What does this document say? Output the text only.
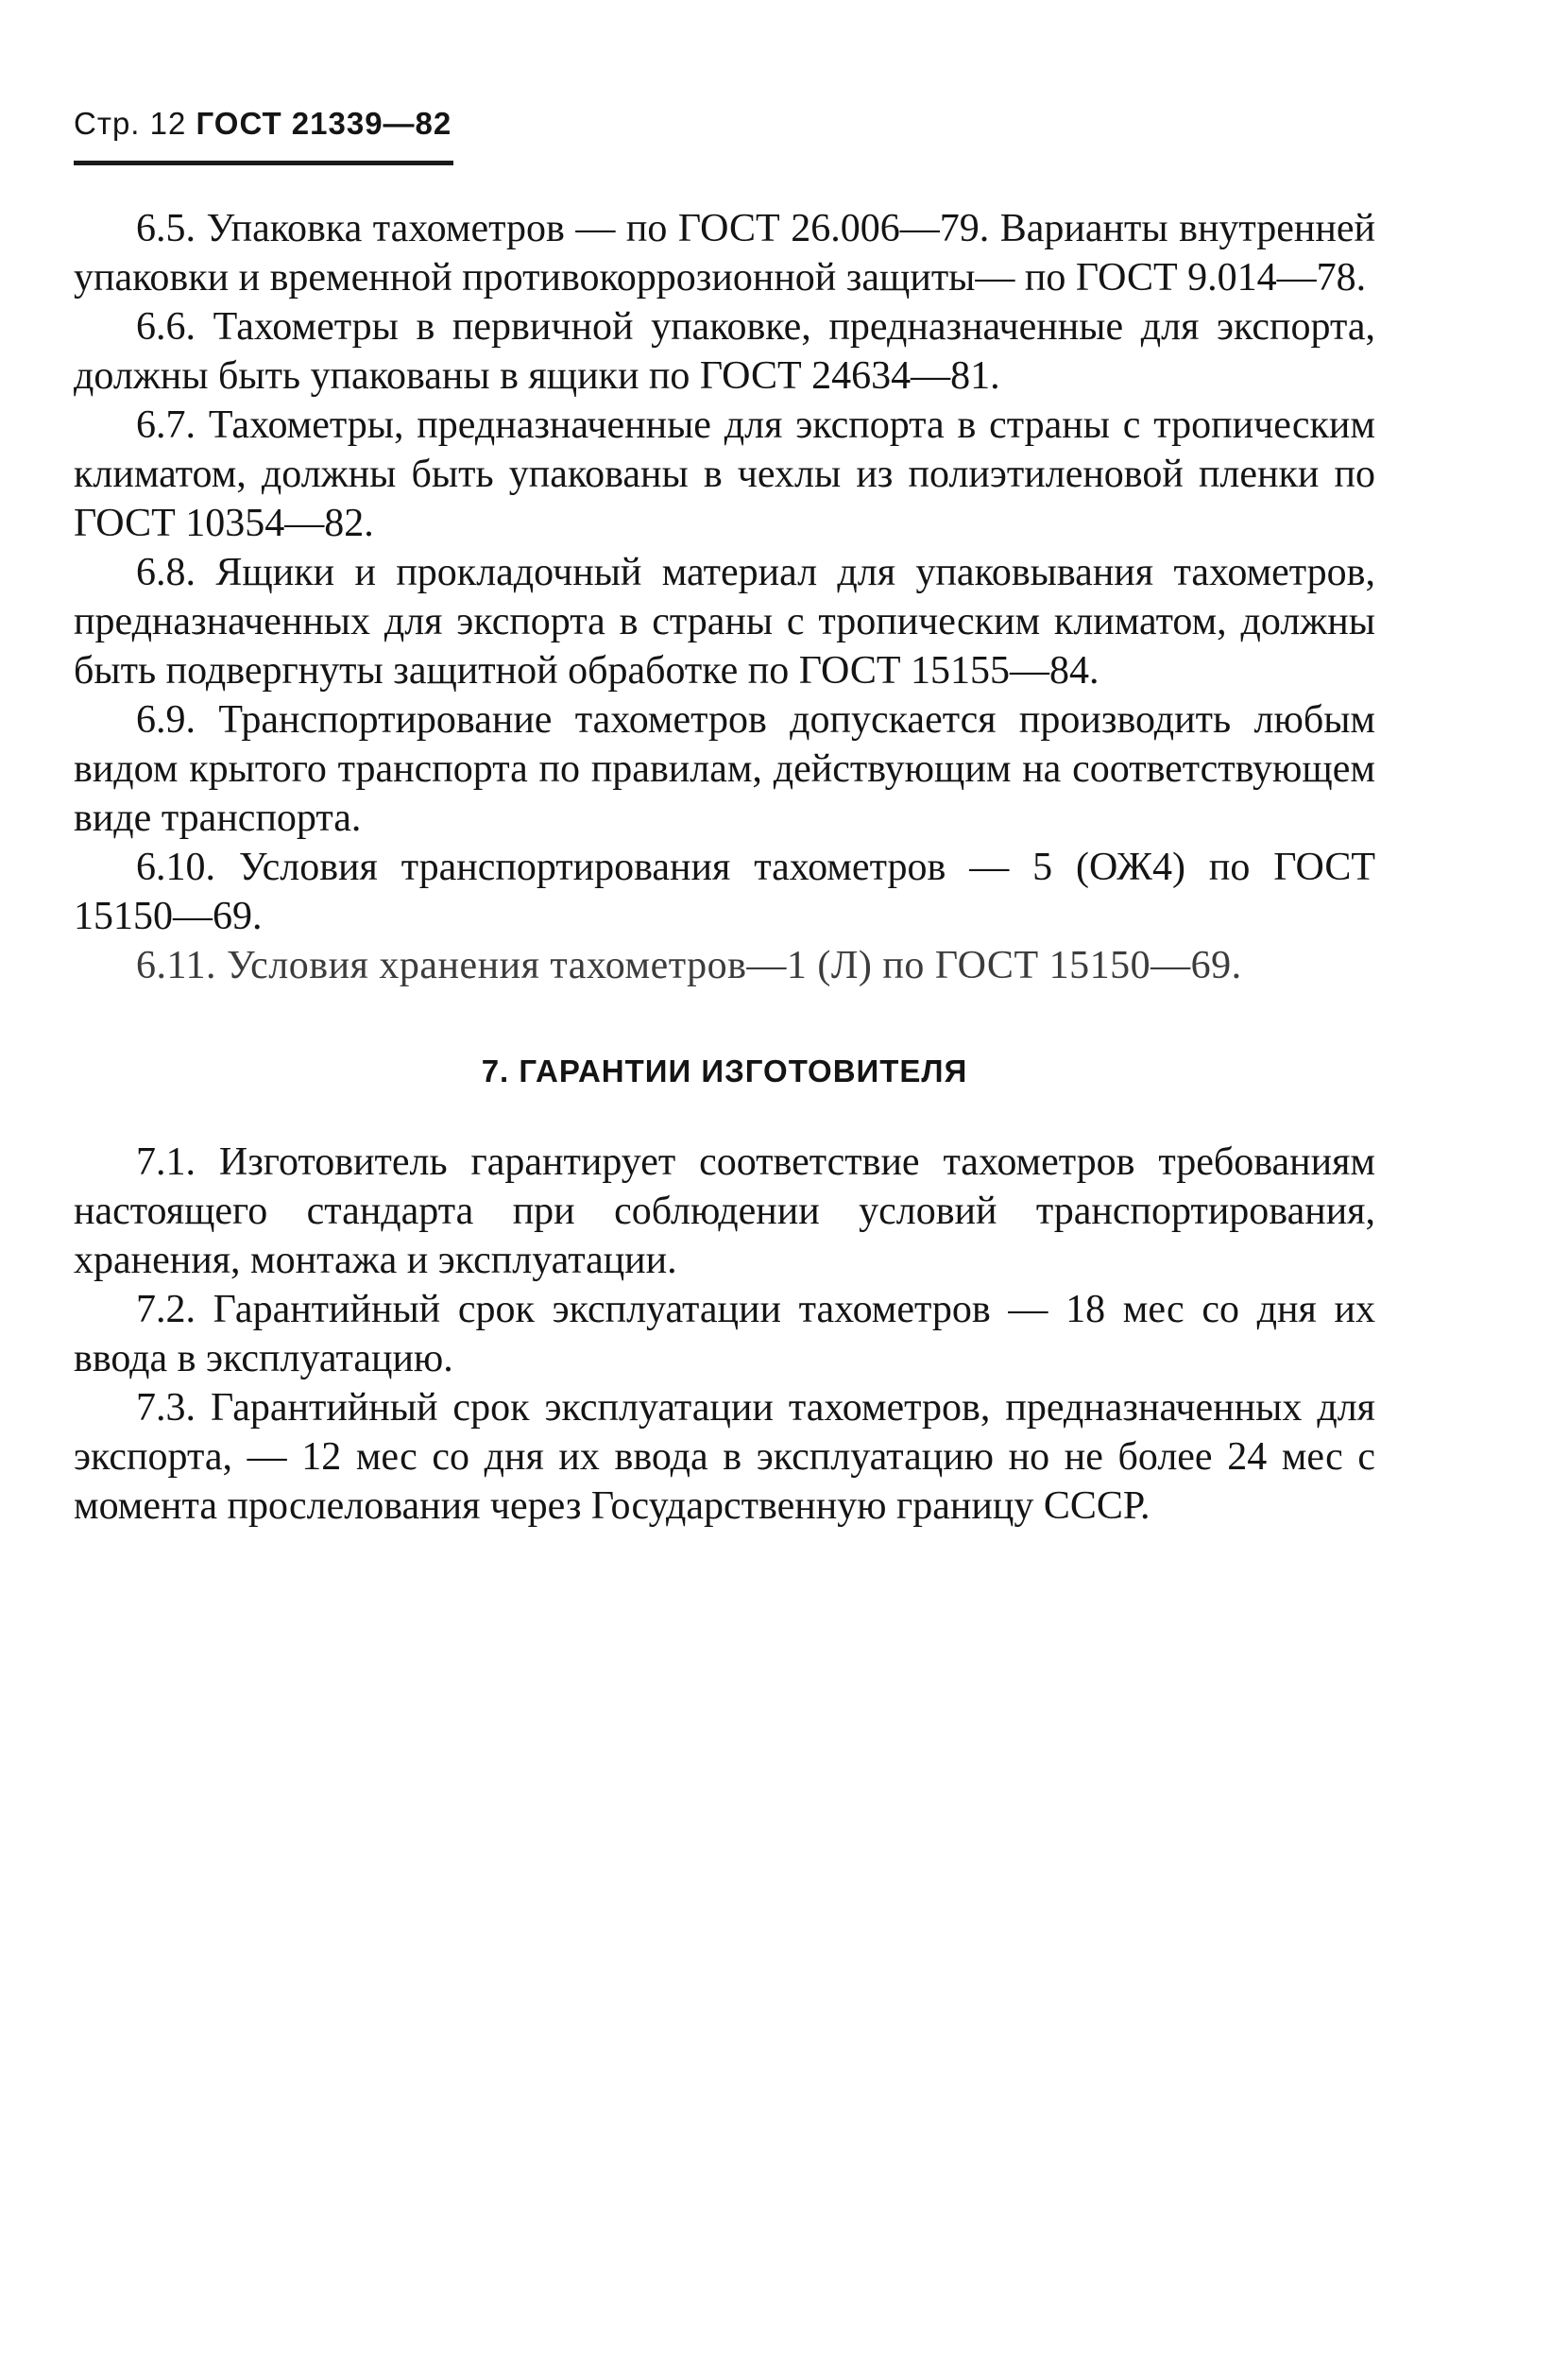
Стр. 12 ГОСТ 21339—82

6.5. Упаковка тахометров — по ГОСТ 26.006—79. Варианты внутренней упаковки и временной противокоррозионной защиты— по ГОСТ 9.014—78.

6.6. Тахометры в первичной упаковке, предназначенные для экспорта, должны быть упакованы в ящики по ГОСТ 24634—81.

6.7. Тахометры, предназначенные для экспорта в страны с тропическим климатом, должны быть упакованы в чехлы из полиэтиленовой пленки по ГОСТ 10354—82.

6.8. Ящики и прокладочный материал для упаковывания тахометров, предназначенных для экспорта в страны с тропическим климатом, должны быть подвергнуты защитной обработке по ГОСТ 15155—84.

6.9. Транспортирование тахометров допускается производить любым видом крытого транспорта по правилам, действующим на соответствующем виде транспорта.

6.10. Условия транспортирования тахометров — 5 (ОЖ4) по ГОСТ 15150—69.

6.11. Условия хранения тахометров—1 (Л) по ГОСТ 15150—69.

7. ГАРАНТИИ ИЗГОТОВИТЕЛЯ

7.1. Изготовитель гарантирует соответствие тахометров требованиям настоящего стандарта при соблюдении условий транспортирования, хранения, монтажа и эксплуатации.

7.2. Гарантийный срок эксплуатации тахометров — 18 мес со дня их ввода в эксплуатацию.

7.3. Гарантийный срок эксплуатации тахометров, предназначенных для экспорта, — 12 мес со дня их ввода в эксплуатацию но не более 24 мес с момента прослелования через Государственную границу СССР.
